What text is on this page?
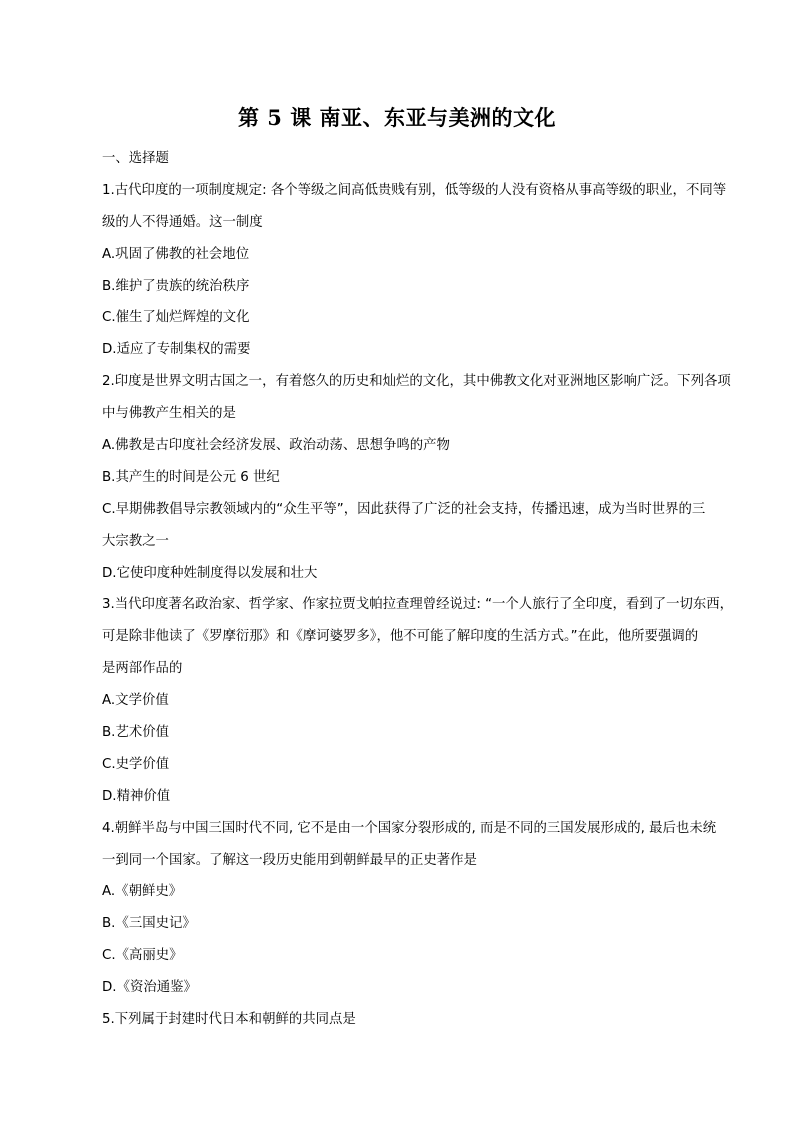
第 5 课 南亚、东亚与美洲的文化
一、选择题
1.古代印度的一项制度规定: 各个等级之间高低贵贱有别，低等级的人没有资格从事高等级的职业，不同等
级的人不得通婚。这一制度
A.巩固了佛教的社会地位
B.维护了贵族的统治秩序
C.催生了灿烂辉煌的文化
D.适应了专制集权的需要
2.印度是世界文明古国之一，有着悠久的历史和灿烂的文化，其中佛教文化对亚洲地区影响广泛。下列各项
中与佛教产生相关的是
A.佛教是古印度社会经济发展、政治动荡、思想争鸣的产物
B.其产生的时间是公元 6 世纪
C.早期佛教倡导宗教领域内的“众生平等”，因此获得了广泛的社会支持，传播迅速，成为当时世界的三
大宗教之一
D.它使印度种姓制度得以发展和壮大
3.当代印度著名政治家、哲学家、作家拉贾戈帕拉查理曾经说过: “一个人旅行了全印度，看到了一切东西，
可是除非他读了《罗摩衍那》和《摩诃婆罗多》，他不可能了解印度的生活方式。”在此，他所要强调的
是两部作品的
A.文学价值
B.艺术价值
C.史学价值
D.精神价值
4.朝鲜半岛与中国三国时代不同, 它不是由一个国家分裂形成的, 而是不同的三国发展形成的, 最后也未统
一到同一个国家。了解这一段历史能用到朝鲜最早的正史著作是
A.《朝鲜史》
B.《三国史记》
C.《高丽史》
D.《资治通鉴》
5.下列属于封建时代日本和朝鲜的共同点是
